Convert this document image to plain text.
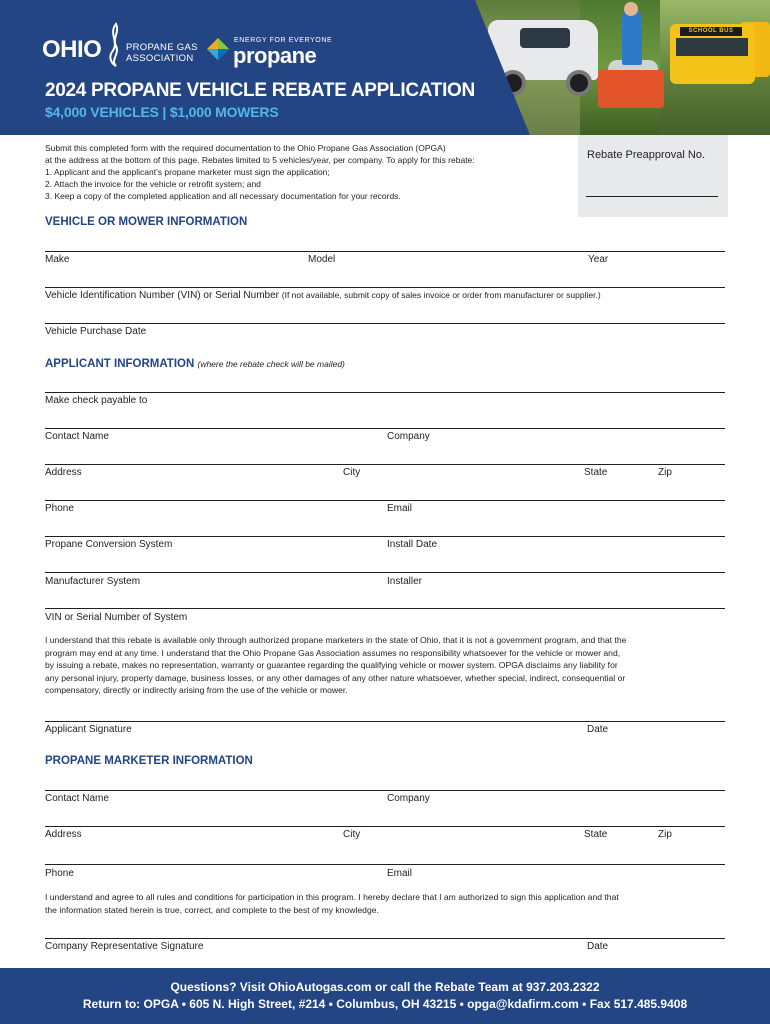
SCHOOL BUS
OHIO	PROPANE GAS
ASSOCIATION
ENERGY FOR EVERYONE
propane
2024 PROPANE VEHICLE REBATE APPLICATION
$4,000 VEHICLES | $1,000 MOWERS
Submit this completed form with the required documentation to the Ohio Propane Gas Association (OPGA)
at the address at the bottom of this page. Rebates limited to 5 vehicles/year, per company. To apply for this rebate:
1. Applicant and the applicant’s propane marketer must sign the application;
2. Attach the invoice for the vehicle or retrofit system; and
3. Keep a copy of the completed application and all necessary documentation for your records.
Rebate Preapproval No.
VEHICLE OR MOWER INFORMATION
Make	Model	Year
Vehicle Identification Number (VIN) or Serial Number (If not available, submit copy of sales invoice or order from manufacturer or supplier.)
Vehicle Purchase Date
APPLICANT INFORMATION (where the rebate check will be mailed)
Make check payable to
Contact Name	Company
Address	City	State	Zip
Phone	Email
Propane Conversion System	Install Date
Manufacturer System	Installer
VIN or Serial Number of System
I understand that this rebate is available only through authorized propane marketers in the state of Ohio, that it is not a government program, and that the
program may end at any time. I understand that the Ohio Propane Gas Association assumes no responsibility whatsoever for the vehicle or mower and,
by issuing a rebate, makes no representation, warranty or guarantee regarding the qualifying vehicle or mower system. OPGA disclaims any liability for
any personal injury, property damage, business losses, or any other damages of any other nature whatsoever, whether special, indirect, consequential or
compensatory, directly or indirectly arising from the use of the vehicle or mower.
Applicant Signature	Date
PROPANE MARKETER INFORMATION
Contact Name	Company
Address	City	State	Zip
Phone	Email
I understand and agree to all rules and conditions for participation in this program. I hereby declare that I am authorized to sign this application and that
the information stated herein is true, correct, and complete to the best of my knowledge.
Company Representative Signature	Date
Questions? Visit OhioAutogas.com or call the Rebate Team at 937.203.2322
Return to: OPGA • 605 N. High Street, #214 • Columbus, OH 43215 • opga@kdafirm.com • Fax 517.485.9408
